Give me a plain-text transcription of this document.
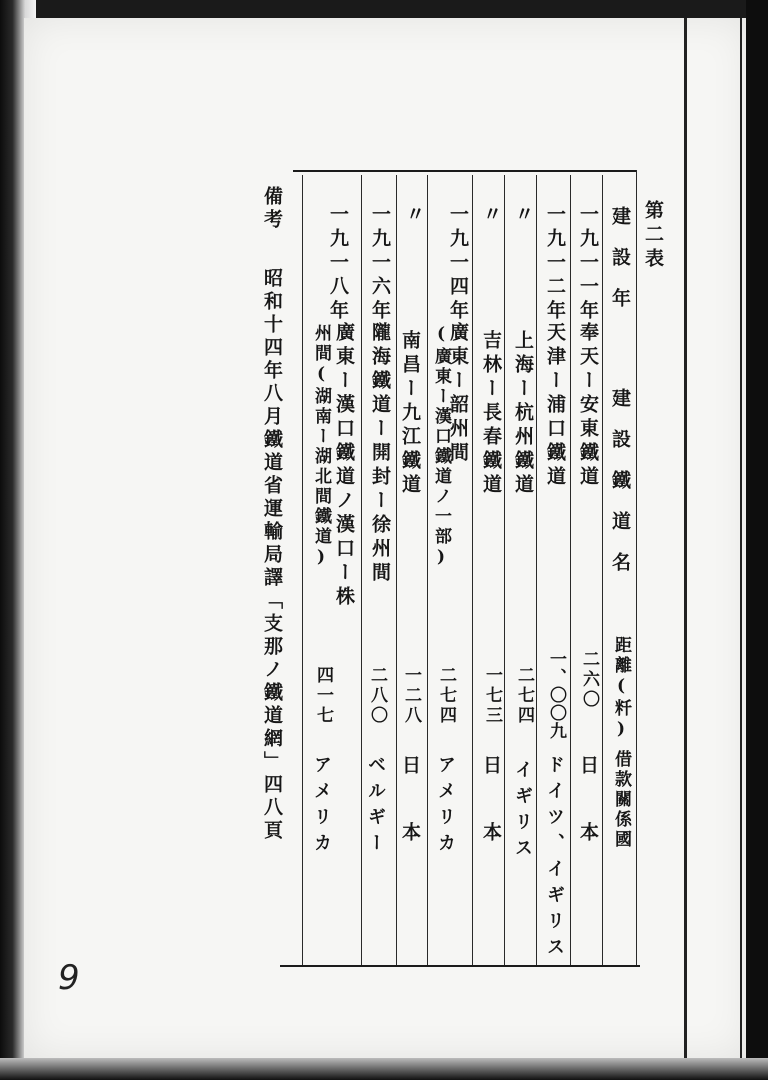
第二表
建設年
建設鐵道名
距離(粁)
借款關係國
一九一一年
奉天ー安東鐵道
二六〇
日本
一九一二年
天津ー浦口鐵道
一、〇〇九
ドイツ、イギリス
〃
上海ー杭州鐵道
二七四
イギリス
〃
吉林ー長春鐵道
一七三
日本
一九一四年
廣東ー韶州間
(廣東ー漢口鐵道ノ一部)
二七四
アメリカ
〃
南昌ー九江鐵道
一二八
日本
一九一六年
隴海鐵道ー開封ー徐州間
二八〇
ベルギー
一九一八年
廣東ー漢口鐵道ノ漢口ー株
州間(湖南ー湖北間鐵道)
四一七
アメリカ
備考
昭和十四年八月鐵道省運輸局譯「支那ノ鐵道網」四八頁
9
